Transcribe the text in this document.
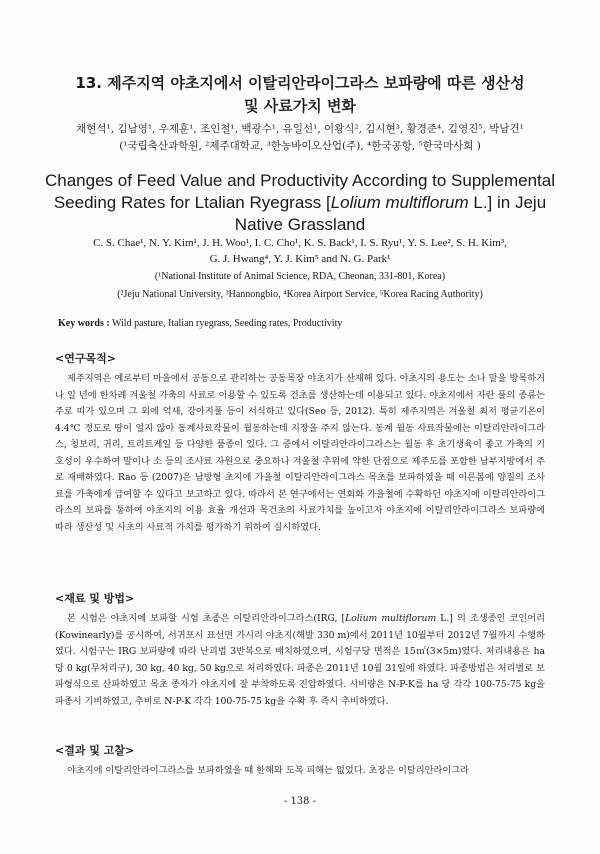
13. 제주지역 야초지에서 이탈리안라이그라스 보파량에 따른 생산성
및 사료가치 변화
채현석¹, 김남영¹, 우제훈¹, 조인철¹, 백광수¹, 유일선¹, 이왕식², 김시현³, 황경준⁴, 김영진⁵, 박남건¹
(¹국립축산과학원, ²제주대학교, ³한농바이오산업(주), ⁴한국공항, ⁵한국마사회 )
Changes of Feed Value and Productivity According to Supplemental
Seeding Rates for Ltalian Ryegrass [Lolium multiflorum L.] in Jeju
Native Grassland
C. S. Chae¹, N. Y. Kim¹, J. H. Woo¹, I. C. Cho¹, K. S. Back¹, I. S. Ryu¹, Y. S. Lee², S. H. Kim³,
G. J. Hwang⁴, Y. J. Kim⁵ and N. G. Park¹
(¹National Institute of Animal Science, RDA, Cheonan, 331-801, Korea)
(²Jeju National University, ³Hannongbio, ⁴Korea Airport Service, ⁵Korea Racing Authority)
Key words : Wild pasture, Italian ryegrass, Seeding rates, Productivity
<연구목적>
제주지역은 예로부터 마을에서 공동으로 관리하는 공동목장 야초지가 산재해 있다. 야초지의 용도는 소나 말을 방목하거나 일 년에 한차례 겨울철 가축의 사료로 이용할 수 있도록 건초를 생산하는데 이용되고 있다. 야초지에서 자란 풀의 종류는 주로 띠가 있으며 그 외에 억새, 강아지풀 등이 서식하고 있다(Seo 등, 2012). 특히 제주지역은 겨울철 최저 평균기온이 4.4℃ 정도로 땅이 얼지 않아 동계사료작물이 월동하는데 지장을 주지 않는다. 동계 월동 사료작물에는 이탈리안라이그라스, 청보리, 귀리, 트리트케일 등 다양한 품종이 있다. 그 중에서 이탈리안라이그라스는 월동 후 초기생육이 좋고 가축의 기호성이 우수하여 말이나 소 등의 조사료 자원으로 중요하나 겨울철 추위에 약한 단점으로 제주도를 포함한 남부지방에서 주로 재배하였다. Rao 등 (2007)은 남방형 초지에 가을철 이탈리안라이그라스 목초를 보파하였을 때 이른봄에 양질의 조사료를 가축에게 급여할 수 있다고 보고하고 있다. 따라서 본 연구에서는 연회화 가을철에 수확하던 야초지에 이탈리안라이그라스의 보파를 통하여 야초지의 이용 효율 개선과 목건초의 사료가치를 높이고자 야초지에 이탈리안라이그라스 보파량에 따라 생산성 및 사초의 사료적 가치를 평가하기 위하여 실시하였다.
<재료 및 방법>
본 시험은 야초지에 보파할 시험 초종은 이탈리안라이그라스(IRG, [Lolium multiflorum L.] 의 조생종인 코인어리(Kowinearly)를 공시하여, 서귀포시 표선면 가시리 야초지(해발 330 m)에서 2011년 10월부터 2012년 7월까지 수행하였다. 시험구는 IRG 보파량에 따라 난괴법 3반복으로 배치하였으며, 시험구당 면적은 15㎡(3×5m)였다. 처리내용은 ha 당 0 kg(무처리구), 30 kg, 40 kg, 50 kg으로 처리하였다. 파종은 2011년 10월 31일에 하였다. 파종방법은 처리별로 보파형식으로 산파하였고 목초 종자가 야초지에 잘 부착하도록 진압하였다. 시비량은 N-P-K를 ha 당 각각 100-75-75 kg을 파종시 기비하였고, 추비로 N-P-K 각각 100-75-75 kg을 수확 후 즉시 추비하였다.
<결과 및 고찰>
야초지에 이탈리안라이그라스를 보파하였을 때 한해와 도복 피해는 없었다. 초장은 이탈리안라이그라
- 138 -
